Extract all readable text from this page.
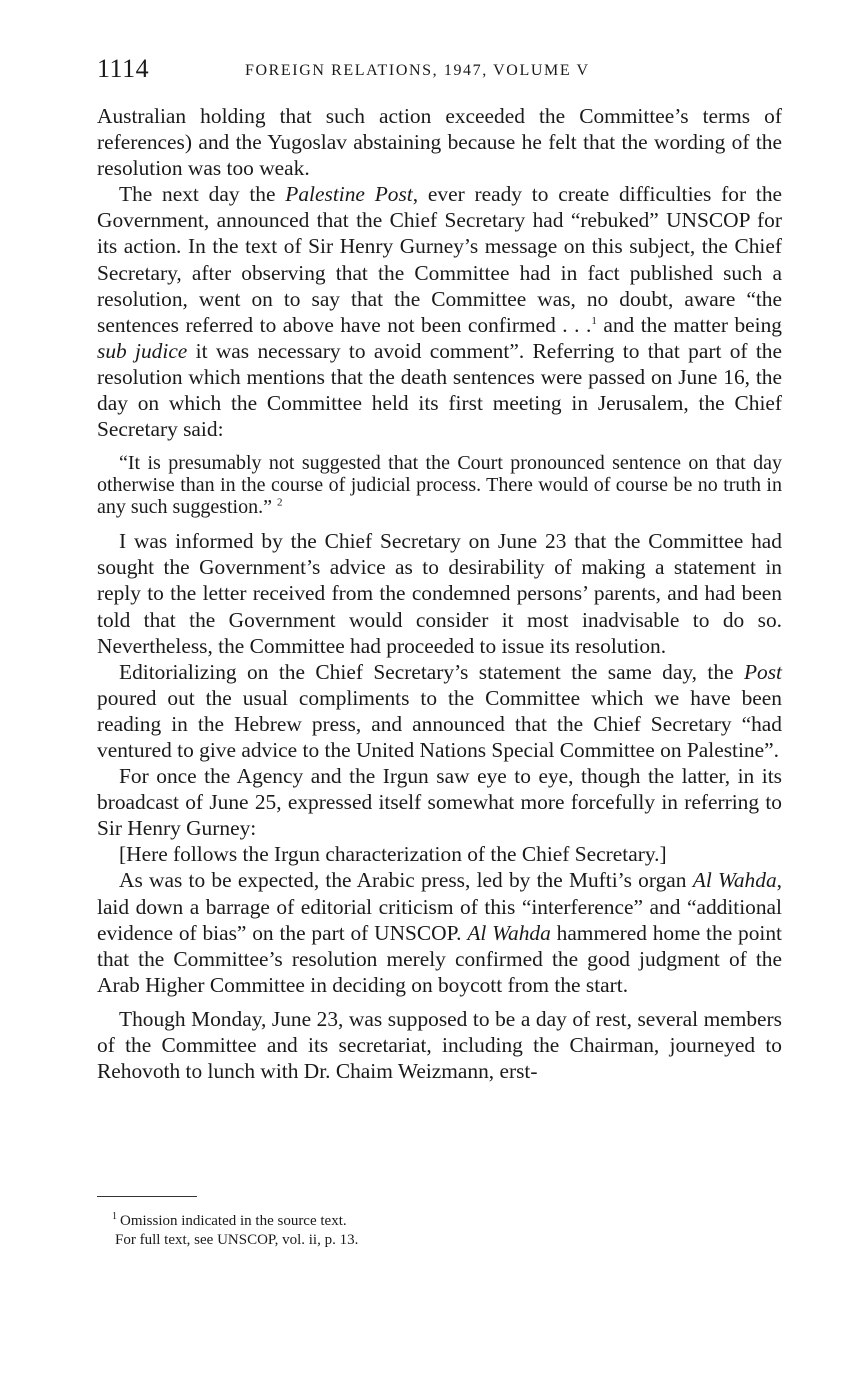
1114	FOREIGN RELATIONS, 1947, VOLUME V

Australian holding that such action exceeded the Committee’s terms of references) and the Yugoslav abstaining because he felt that the wording of the resolution was too weak.

The next day the Palestine Post, ever ready to create difficulties for the Government, announced that the Chief Secretary had “rebuked” UNSCOP for its action. In the text of Sir Henry Gurney’s message on this subject, the Chief Secretary, after observing that the Committee had in fact published such a resolution, went on to say that the Committee was, no doubt, aware “the sentences referred to above have not been confirmed . . .$^1$ and the matter being sub judice it was necessary to avoid comment”. Referring to that part of the resolution which mentions that the death sentences were passed on June 16, the day on which the Committee held its first meeting in Jerusalem, the Chief Secretary said:

“It is presumably not suggested that the Court pronounced sentence on that day otherwise than in the course of judicial process. There would of course be no truth in any such suggestion.” $^2$

I was informed by the Chief Secretary on June 23 that the Committee had sought the Government’s advice as to desirability of making a statement in reply to the letter received from the condemned persons’ parents, and had been told that the Government would consider it most inadvisable to do so. Nevertheless, the Committee had proceeded to issue its resolution.

Editorializing on the Chief Secretary’s statement the same day, the Post poured out the usual compliments to the Committee which we have been reading in the Hebrew press, and announced that the Chief Secretary “had ventured to give advice to the United Nations Special Committee on Palestine”.

For once the Agency and the Irgun saw eye to eye, though the latter, in its broadcast of June 25, expressed itself somewhat more forcefully in referring to Sir Henry Gurney:

[Here follows the Irgun characterization of the Chief Secretary.]

As was to be expected, the Arabic press, led by the Mufti’s organ Al Wahda, laid down a barrage of editorial criticism of this “interference” and “additional evidence of bias” on the part of UNSCOP. Al Wahda hammered home the point that the Committee’s resolution merely confirmed the good judgment of the Arab Higher Committee in deciding on boycott from the start.

Though Monday, June 23, was supposed to be a day of rest, several members of the Committee and its secretariat, including the Chairman, journeyed to Rehovoth to lunch with Dr. Chaim Weizmann, erst-

$^1$ Omission indicated in the source text.
For full text, see UNSCOP, vol. ii, p. 13.
